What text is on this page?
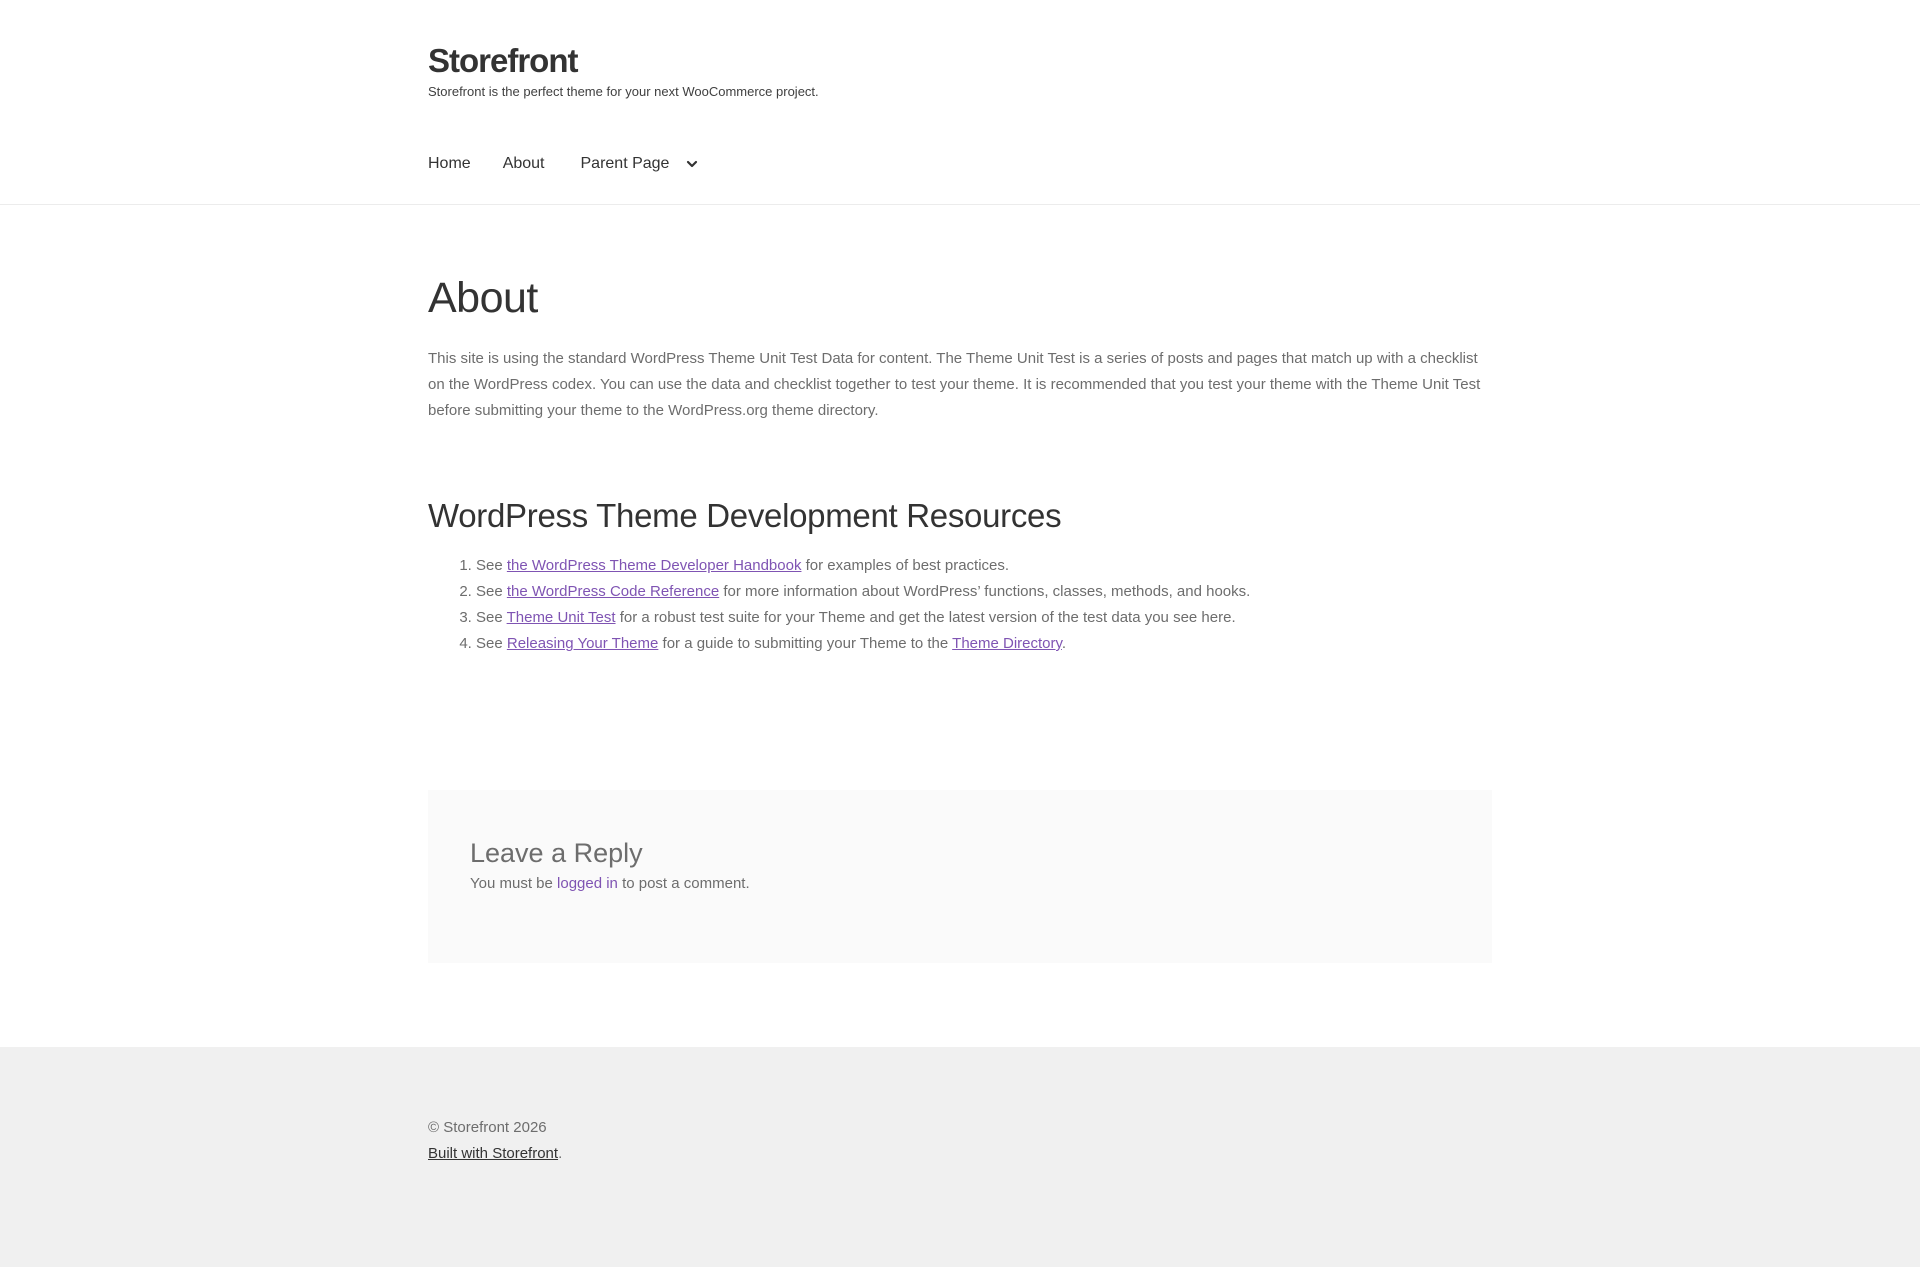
Storefront
Storefront is the perfect theme for your next WooCommerce project.
Home About Parent Page
About

This site is using the standard WordPress Theme Unit Test Data for content. The Theme Unit Test is a series of posts and pages that match up with a checklist on the WordPress codex. You can use the data and checklist together to test your theme. It is recommended that you test your theme with the Theme Unit Test before submitting your theme to the WordPress.org theme directory.

WordPress Theme Development Resources
1. See the WordPress Theme Developer Handbook for examples of best practices.
2. See the WordPress Code Reference for more information about WordPress’ functions, classes, methods, and hooks.
3. See Theme Unit Test for a robust test suite for your Theme and get the latest version of the test data you see here.
4. See Releasing Your Theme for a guide to submitting your Theme to the Theme Directory.
Leave a Reply

You must be logged in to post a comment.

© Storefront 2026
Built with Storefront.
